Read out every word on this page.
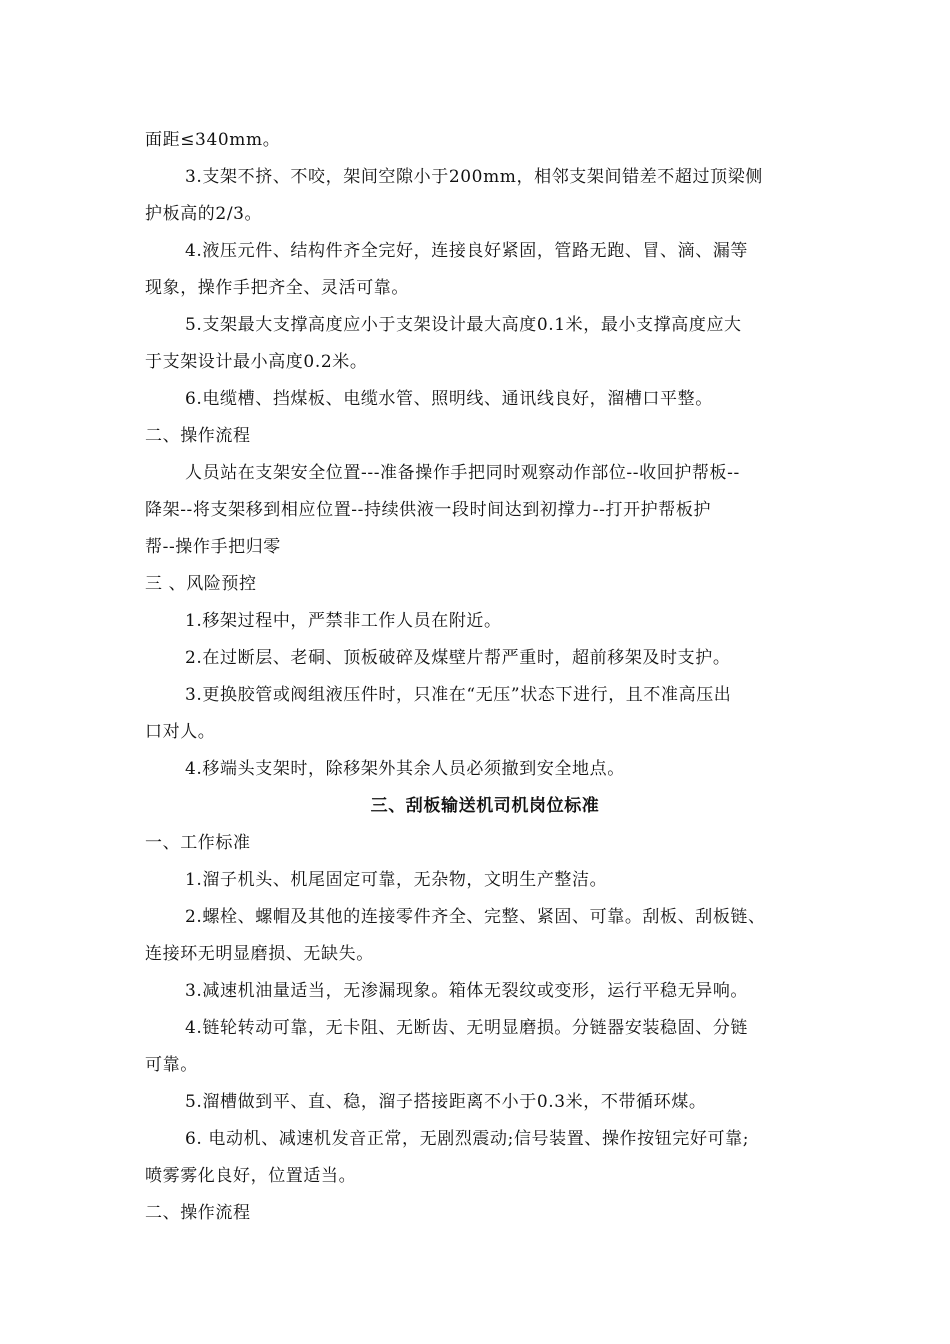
面距≤340mm。
3.支架不挤、不咬，架间空隙小于200mm，相邻支架间错差不超过顶梁侧
护板高的2/3。
4.液压元件、结构件齐全完好，连接良好紧固，管路无跑、冒、滴、漏等
现象，操作手把齐全、灵活可靠。
5.支架最大支撑高度应小于支架设计最大高度0.1米，最小支撑高度应大
于支架设计最小高度0.2米。
6.电缆槽、挡煤板、电缆水管、照明线、通讯线良好，溜槽口平整。
二、操作流程
人员站在支架安全位置---准备操作手把同时观察动作部位--收回护帮板--
降架--将支架移到相应位置--持续供液一段时间达到初撑力--打开护帮板护
帮--操作手把归零
三 、风险预控
1.移架过程中，严禁非工作人员在附近。
2.在过断层、老硐、顶板破碎及煤壁片帮严重时，超前移架及时支护。
3.更换胶管或阀组液压件时，只准在“无压”状态下进行，且不准高压出
口对人。
4.移端头支架时，除移架外其余人员必须撤到安全地点。
三、刮板输送机司机岗位标准
一、工作标准
1.溜子机头、机尾固定可靠，无杂物，文明生产整洁。
2.螺栓、螺帽及其他的连接零件齐全、完整、紧固、可靠。刮板、刮板链、
连接环无明显磨损、无缺失。
3.减速机油量适当，无渗漏现象。箱体无裂纹或变形，运行平稳无异响。
4.链轮转动可靠，无卡阻、无断齿、无明显磨损。分链器安装稳固、分链
可靠。
5.溜槽做到平、直、稳，溜子搭接距离不小于0.3米，不带循环煤。
6. 电动机、减速机发音正常，无剧烈震动;信号装置、操作按钮完好可靠;
喷雾雾化良好，位置适当。
二、操作流程
